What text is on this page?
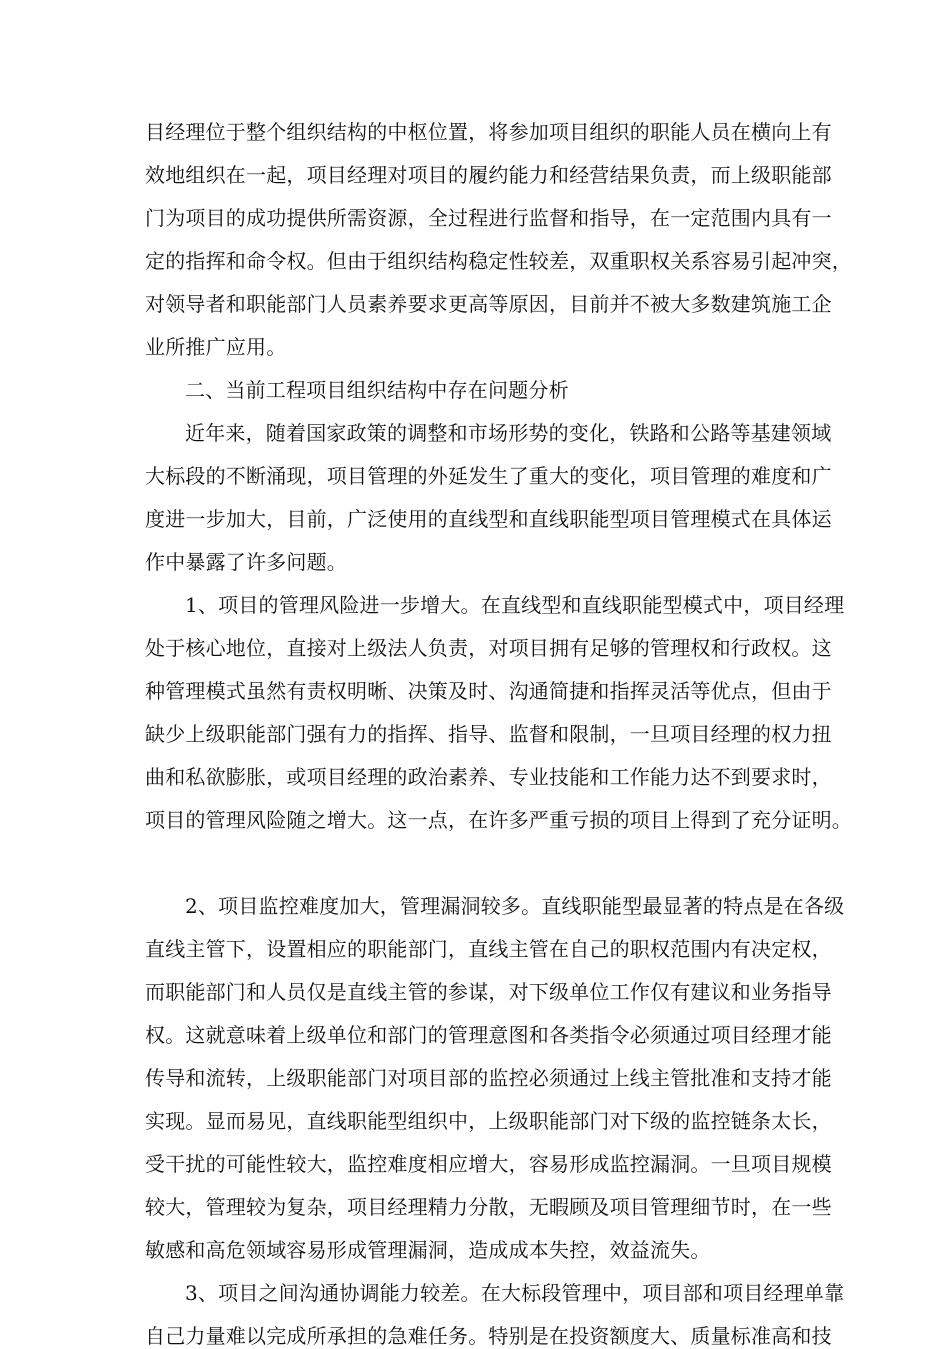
目经理位于整个组织结构的中枢位置，将参加项目组织的职能人员在横向上有
效地组织在一起，项目经理对项目的履约能力和经营结果负责，而上级职能部
门为项目的成功提供所需资源，全过程进行监督和指导，在一定范围内具有一
定的指挥和命令权。但由于组织结构稳定性较差，双重职权关系容易引起冲突，
对领导者和职能部门人员素养要求更高等原因，目前并不被大多数建筑施工企
业所推广应用。
二、当前工程项目组织结构中存在问题分析
近年来，随着国家政策的调整和市场形势的变化，铁路和公路等基建领域
大标段的不断涌现，项目管理的外延发生了重大的变化，项目管理的难度和广
度进一步加大，目前，广泛使用的直线型和直线职能型项目管理模式在具体运
作中暴露了许多问题。
1、项目的管理风险进一步增大。在直线型和直线职能型模式中，项目经理
处于核心地位，直接对上级法人负责，对项目拥有足够的管理权和行政权。这
种管理模式虽然有责权明晰、决策及时、沟通简捷和指挥灵活等优点，但由于
缺少上级职能部门强有力的指挥、指导、监督和限制，一旦项目经理的权力扭
曲和私欲膨胀，或项目经理的政治素养、专业技能和工作能力达不到要求时，
项目的管理风险随之增大。这一点，在许多严重亏损的项目上得到了充分证明。
2、项目监控难度加大，管理漏洞较多。直线职能型最显著的特点是在各级
直线主管下，设置相应的职能部门，直线主管在自己的职权范围内有决定权，
而职能部门和人员仅是直线主管的参谋，对下级单位工作仅有建议和业务指导
权。这就意味着上级单位和部门的管理意图和各类指令必须通过项目经理才能
传导和流转，上级职能部门对项目部的监控必须通过上线主管批准和支持才能
实现。显而易见，直线职能型组织中，上级职能部门对下级的监控链条太长，
受干扰的可能性较大，监控难度相应增大，容易形成监控漏洞。一旦项目规模
较大，管理较为复杂，项目经理精力分散，无暇顾及项目管理细节时，在一些
敏感和高危领域容易形成管理漏洞，造成成本失控，效益流失。
3、项目之间沟通协调能力较差。在大标段管理中，项目部和项目经理单靠
自己力量难以完成所承担的急难任务。特别是在投资额度大、质量标准高和技
